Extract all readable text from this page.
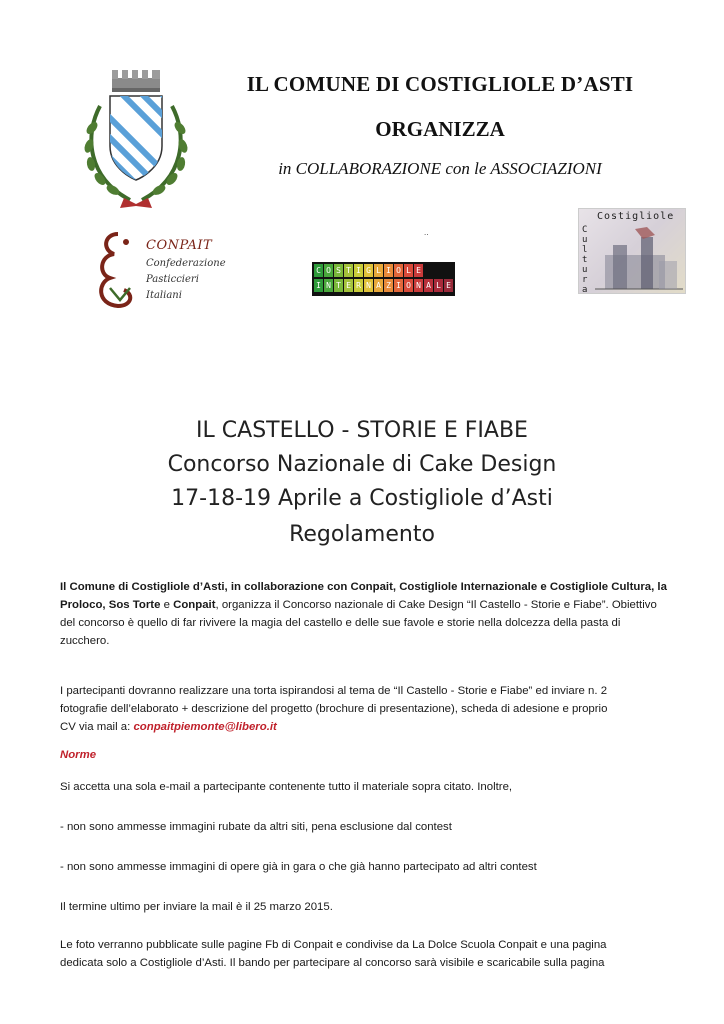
IL COMUNE DI COSTIGLIOLE D’ASTI
ORGANIZZA
in COLLABORAZIONE con le ASSOCIAZIONI
..
CONPAIT
Confederazione
Pasticcieri
Italiani
C O S T I G L I O L E
I N T E R N A Z I O N A L E
Costigliole
Cultura
IL CASTELLO - STORIE E FIABE
Concorso Nazionale di Cake Design
17-18-19 Aprile a Costigliole d’Asti
Regolamento

Il Comune di Costigliole d’Asti, in collaborazione con Conpait, Costigliole Internazionale e Costigliole Cultura, la Proloco, Sos Torte e Conpait, organizza il Concorso nazionale di Cake Design “Il Castello - Storie e Fiabe”. Obiettivo del concorso è quello di far rivivere la magia del castello e delle sue favole e storie nella dolcezza della pasta di zucchero.

I partecipanti dovranno realizzare una torta ispirandosi al tema de “Il Castello - Storie e Fiabe” ed inviare n. 2

fotografie dell’elaborato + descrizione del progetto (brochure di presentazione), scheda di adesione e proprio

CV via mail a: conpaitpiemonte@libero.it

Norme

Si accetta una sola e-mail a partecipante contenente tutto il materiale sopra citato. Inoltre,
- non sono ammesse immagini rubate da altri siti, pena esclusione dal contest
- non sono ammesse immagini di opere già in gara o che già hanno partecipato ad altri contest
Il termine ultimo per inviare la mail è il 25 marzo 2015.

Le foto verranno pubblicate sulle pagine Fb di Conpait e condivise da La Dolce Scuola Conpait e una pagina

dedicata solo a Costigliole d’Asti. Il bando per partecipare al concorso sarà visibile e scaricabile sulla pagina
